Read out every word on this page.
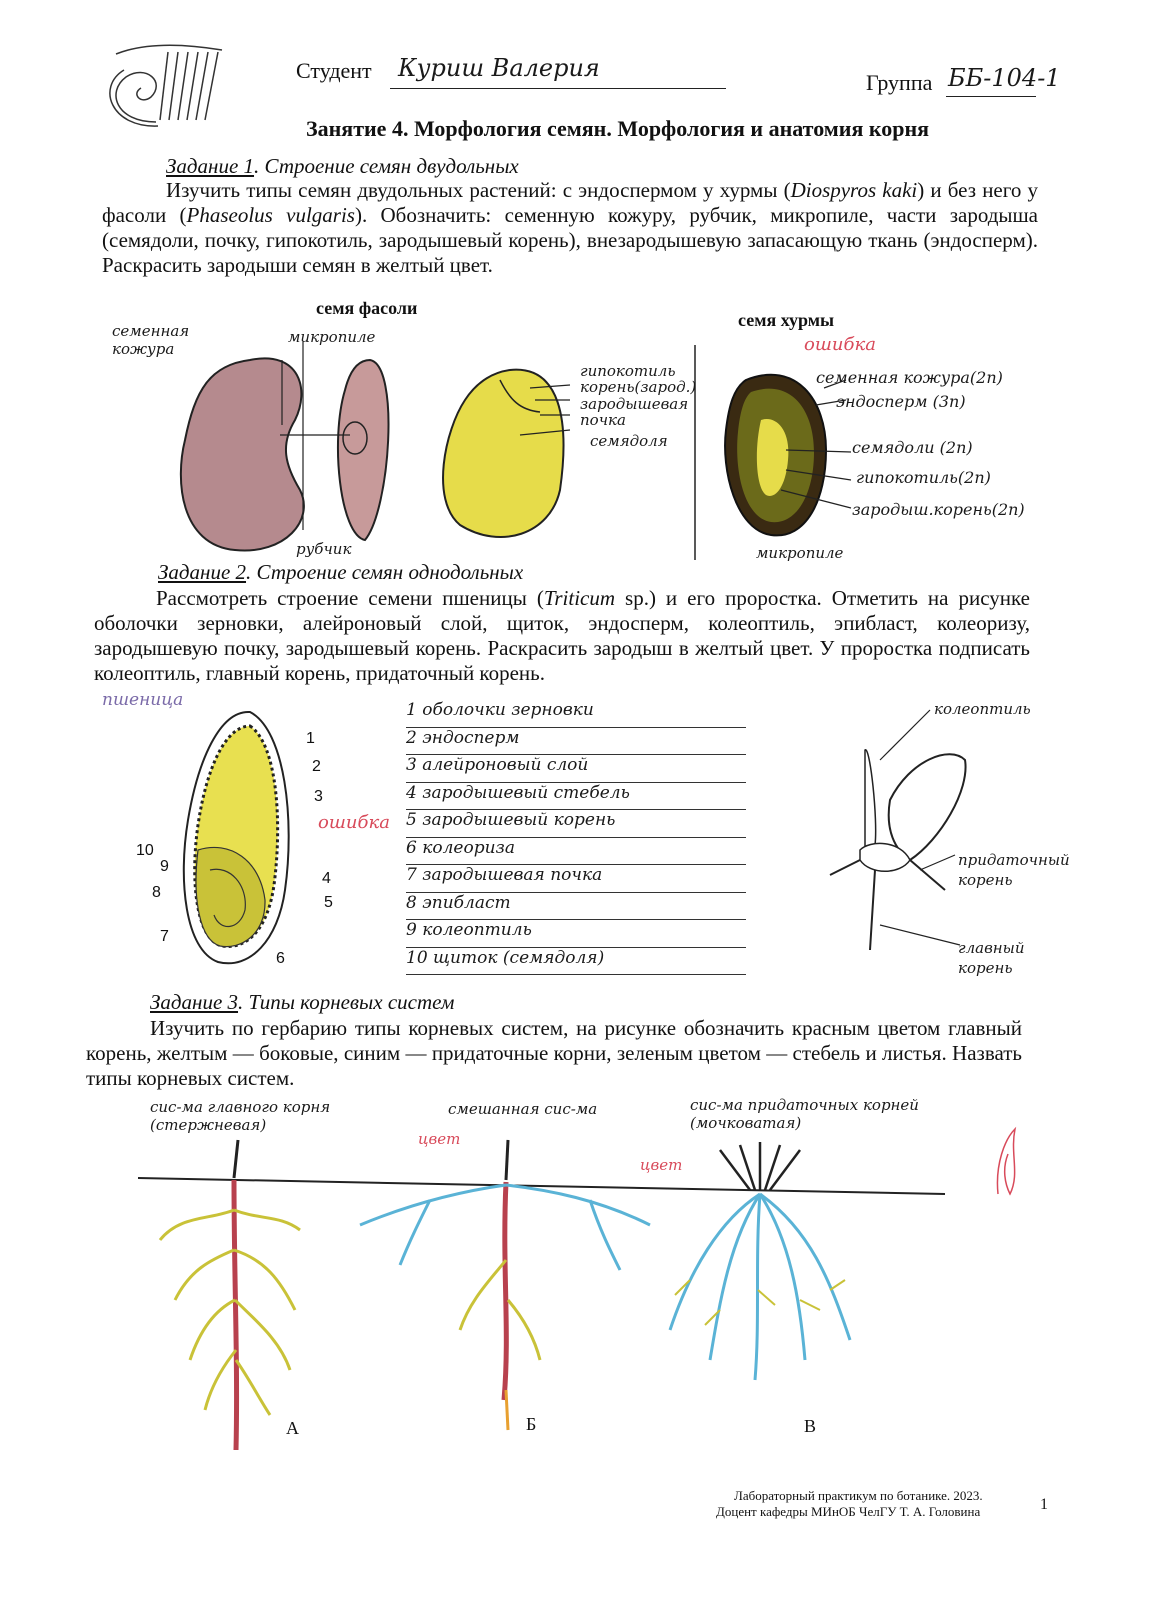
Студент Куриш Валерия
Группа ББ-104-1
Занятие 4. Морфология семян. Морфология и анатомия корня
Задание 1. Строение семян двудольных
Изучить типы семян двудольных растений: с эндоспермом у хурмы (Diospyros kaki) и без него у фасоли (Phaseolus vulgaris). Обозначить: семенную кожуру, рубчик, микропиле, части зародыша (семядоли, почку, гипокотиль, зародышевый корень), внезародышевую запасающую ткань (эндосперм). Раскрасить зародыши семян в желтый цвет.
семя фасоли
семя хурмы
семенная кожура
микропиле
рубчик
гипокотиль
корень(зарод.)
зародышевая почка
семядоля
ошибка
семенная кожура(2n)
эндосперм (3n)
семядоли (2n)
гипокотиль(2n)
зародыш.корень(2n)
микропиле
Задание 2. Строение семян однодольных
Рассмотреть строение семени пшеницы (Triticum sp.) и его проростка. Отметить на рисунке оболочки зерновки, алейроновый слой, щиток, эндосперм, колеоптиль, эпибласт, колеоризу, зародышевую почку, зародышевый корень. Раскрасить зародыш в желтый цвет. У проростка подписать колеоптиль, главный корень, придаточный корень.
пшеница
1
2
3
4
5
6
7
8
9
10
ошибка
1 оболочки зерновки
2 эндосперм
3 алейроновый слой
4 зародышевый стебель
5 зародышевый корень
6 колеориза
7 зародышевая почка
8 эпибласт
9 колеоптиль
10 щиток (семядоля)
колеоптиль
придаточный корень
главный корень
Задание 3. Типы корневых систем
Изучить по гербарию типы корневых систем, на рисунке обозначить красным цветом главный корень, желтым — боковые, синим — придаточные корни, зеленым цветом — стебель и листья. Назвать типы корневых систем.
сис-ма главного корня (стержневая)
смешанная сис-ма	сис-ма придаточных корней (мочковатая)
цвет
цвет
А	Б	В
Лабораторный практикум по ботанике. 2023.
Доцент кафедры МИнОБ ЧелГУ Т. А. Головина	1
